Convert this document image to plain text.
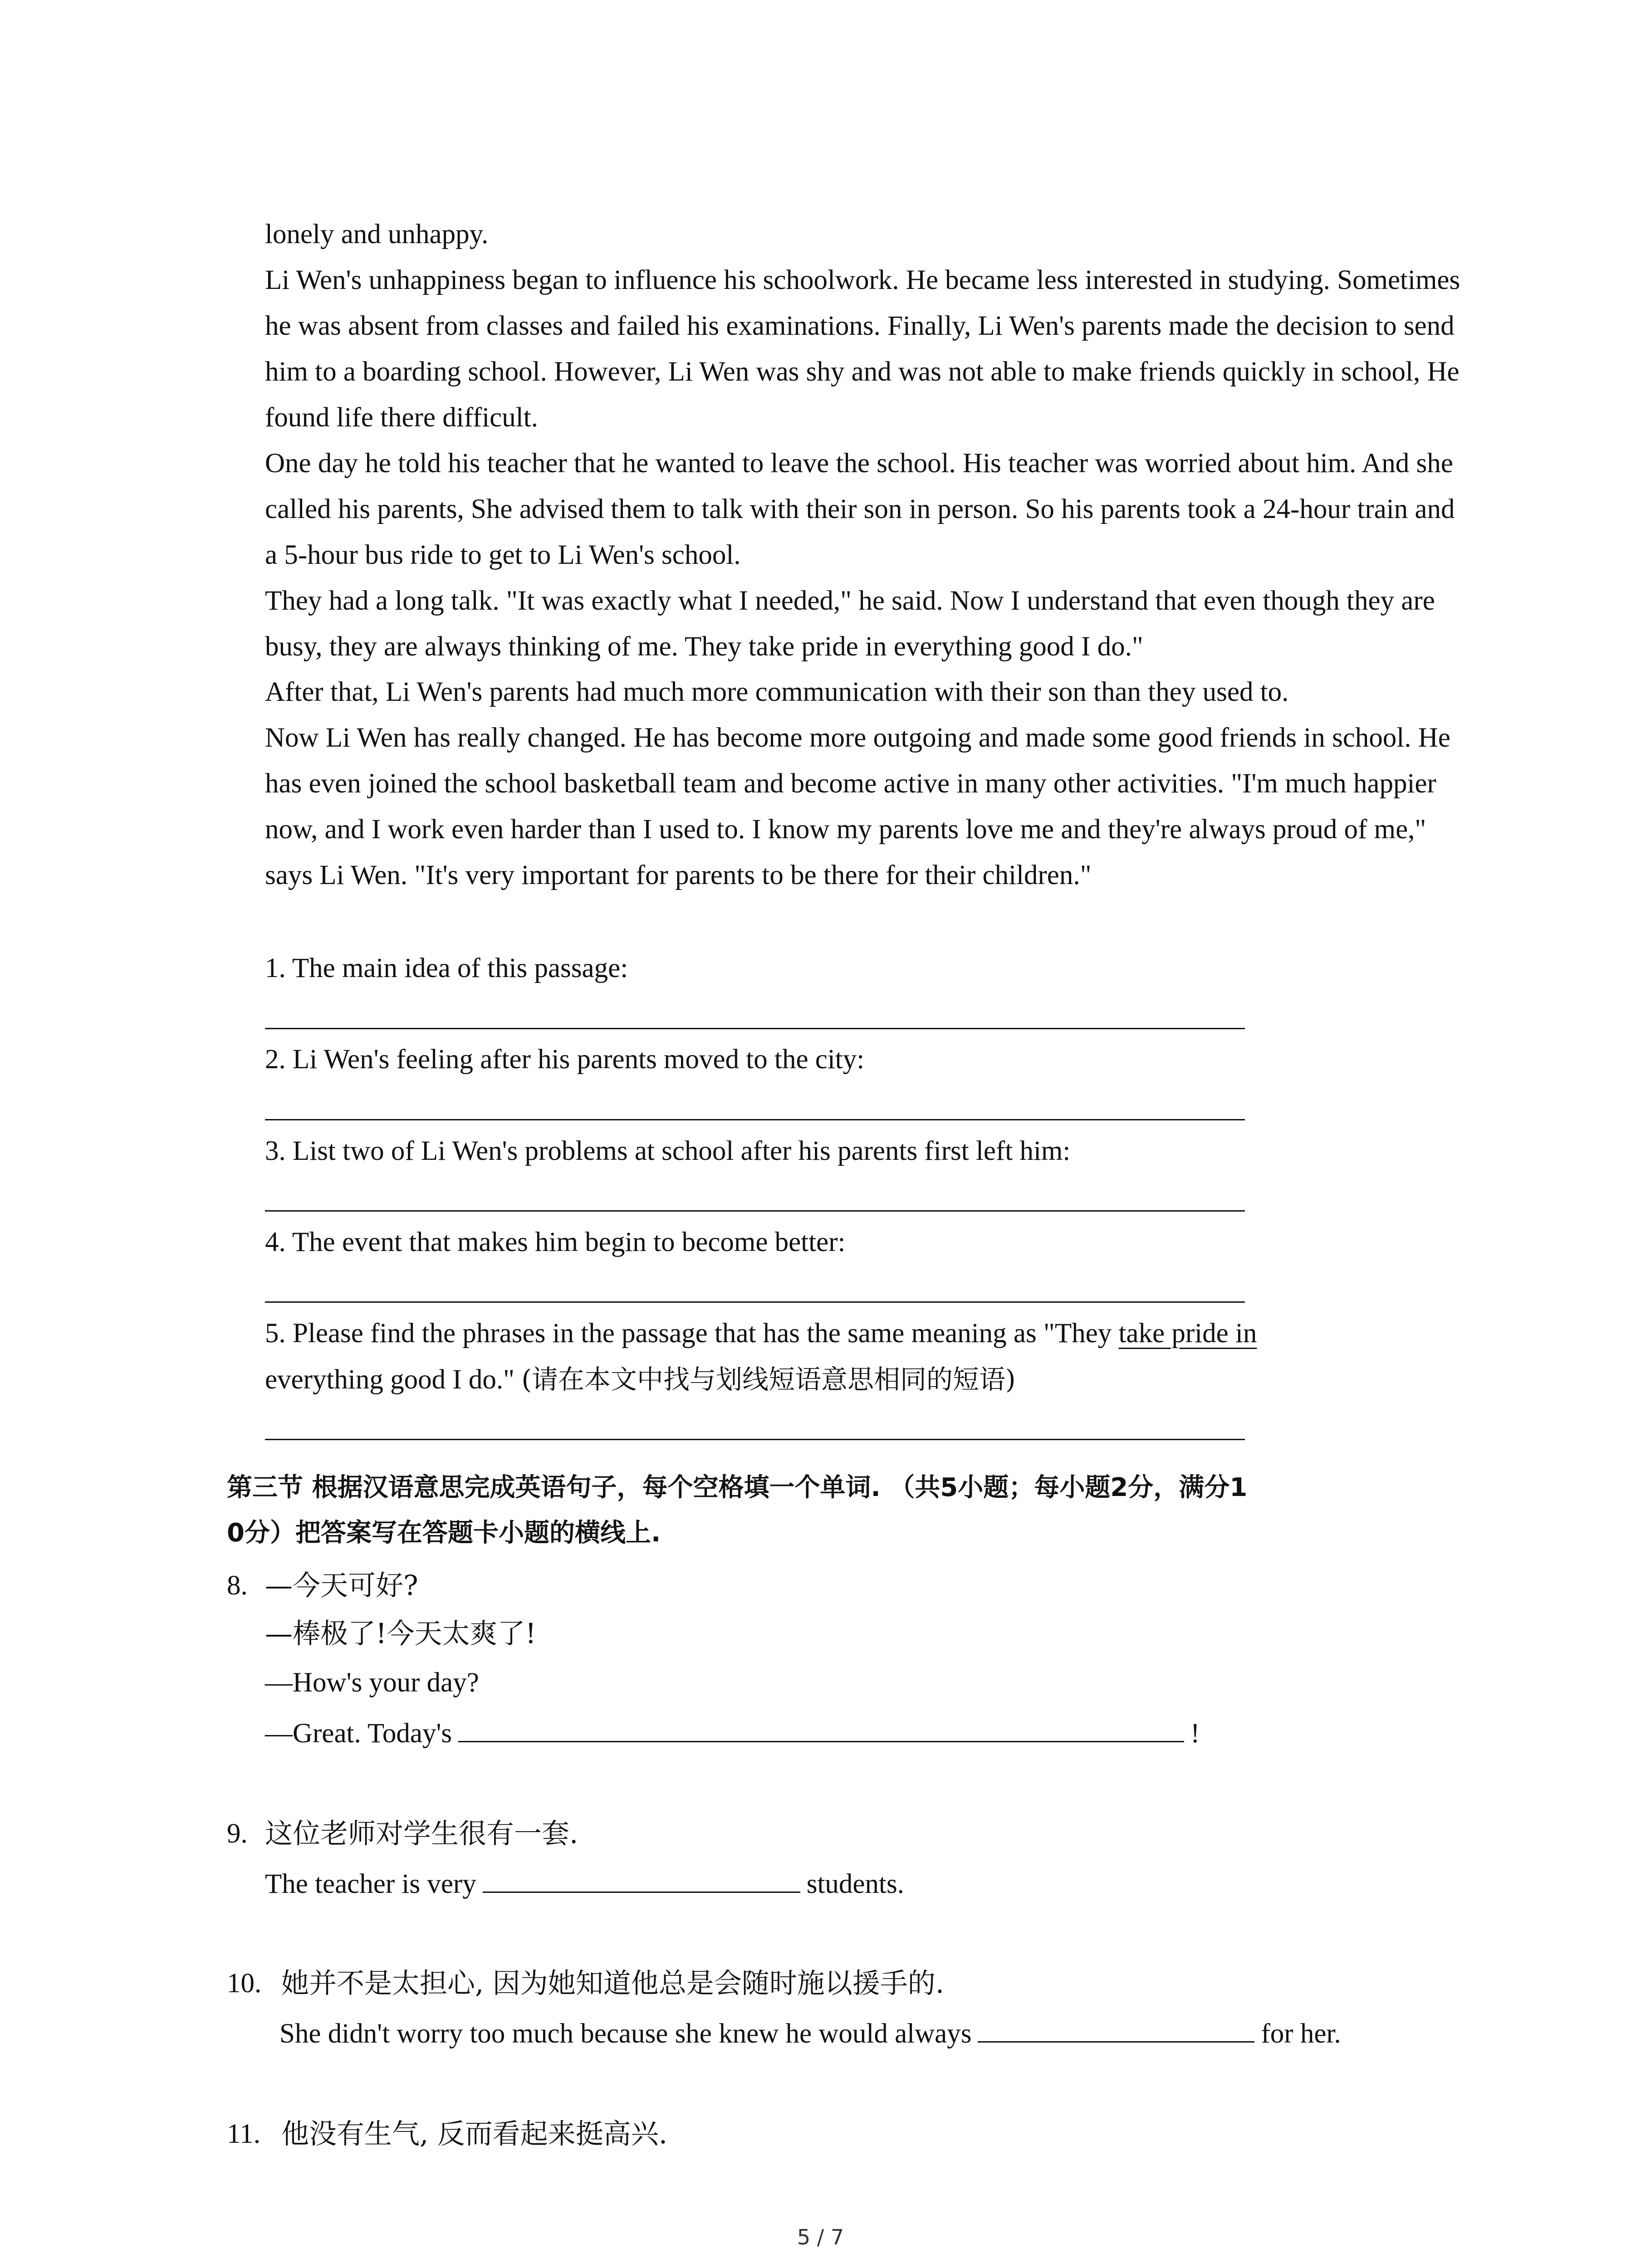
lonely and unhappy.

Li Wen's unhappiness began to influence his schoolwork. He became less interested in studying. Sometimes he was absent from classes and failed his examinations. Finally, Li Wen's parents made the decision to send him to a boarding school. However, Li Wen was shy and was not able to make friends quickly in school, He found life there difficult.

One day he told his teacher that he wanted to leave the school. His teacher was worried about him. And she called his parents, She advised them to talk with their son in person. So his parents took a 24-hour train and a 5-hour bus ride to get to Li Wen's school.

They had a long talk. "It was exactly what I needed," he said. Now I understand that even though they are busy, they are always thinking of me. They take pride in everything good I do."

After that, Li Wen's parents had much more communication with their son than they used to.

Now Li Wen has really changed. He has become more outgoing and made some good friends in school. He has even joined the school basketball team and become active in many other activities. "I'm much happier now, and I work even harder than I used to. I know my parents love me and they're always proud of me," says Li Wen. "It's very important for parents to be there for their children."

1. The main idea of this passage:

2. Li Wen's feeling after his parents moved to the city:

3. List two of Li Wen's problems at school after his parents first left him:

4. The event that makes him begin to become better:

5. Please find the phrases in the passage that has the same meaning as "They take pride in

everything good I do." (请在本文中找与划线短语意思相同的短语)

第三节 根据汉语意思完成英语句子，每个空格填一个单词. （共5小题；每小题2分，满分1

0分）把答案写在答题卡小题的横线上.

8. —今天可好?

—棒极了!今天太爽了!

—How's your day?

—Great. Today's	!

9. 这位老师对学生很有一套.

The teacher is very	students.

10. 她并不是太担心, 因为她知道他总是会随时施以援手的.

She didn't worry too much because she knew he would always	for her.

11. 他没有生气, 反而看起来挺高兴.

5 / 7
